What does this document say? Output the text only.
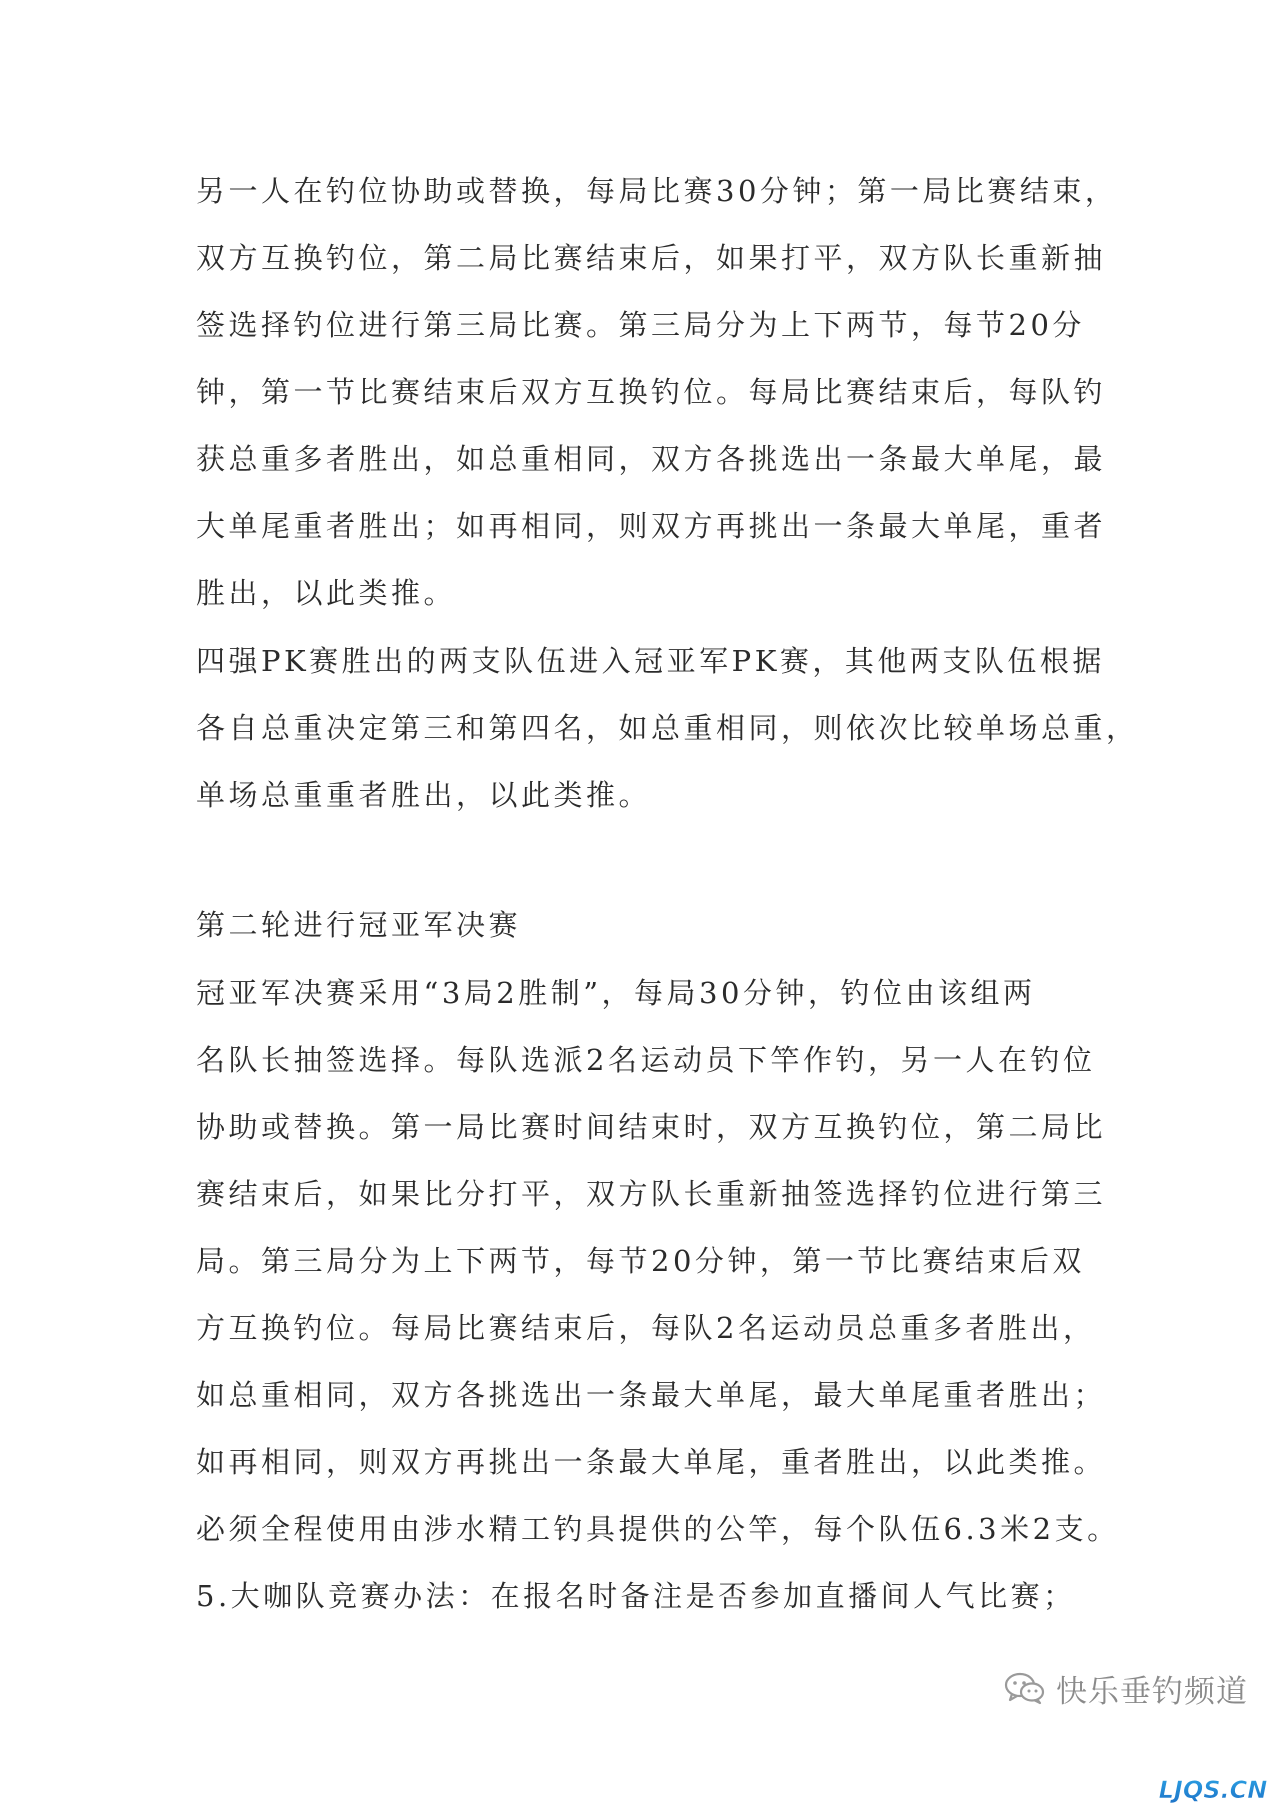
另一人在钓位协助或替换，每局比赛30分钟；第一局比赛结束，
双方互换钓位，第二局比赛结束后，如果打平，双方队长重新抽
签选择钓位进行第三局比赛。第三局分为上下两节，每节20分
钟，第一节比赛结束后双方互换钓位。每局比赛结束后，每队钓
获总重多者胜出，如总重相同，双方各挑选出一条最大单尾，最
大单尾重者胜出；如再相同，则双方再挑出一条最大单尾，重者
胜出，以此类推。
四强PK赛胜出的两支队伍进入冠亚军PK赛，其他两支队伍根据
各自总重决定第三和第四名，如总重相同，则依次比较单场总重，
单场总重重者胜出，以此类推。
第二轮进行冠亚军决赛
冠亚军决赛采用“3局2胜制”，每局30分钟，钓位由该组两
名队长抽签选择。每队选派2名运动员下竿作钓，另一人在钓位
协助或替换。第一局比赛时间结束时，双方互换钓位，第二局比
赛结束后，如果比分打平，双方队长重新抽签选择钓位进行第三
局。第三局分为上下两节，每节20分钟，第一节比赛结束后双
方互换钓位。每局比赛结束后，每队2名运动员总重多者胜出，
如总重相同，双方各挑选出一条最大单尾，最大单尾重者胜出；
如再相同，则双方再挑出一条最大单尾，重者胜出，以此类推。
必须全程使用由涉水精工钓具提供的公竿，每个队伍6.3米2支。
5.大咖队竞赛办法：在报名时备注是否参加直播间人气比赛；
快乐垂钓频道
LJQS.CN
